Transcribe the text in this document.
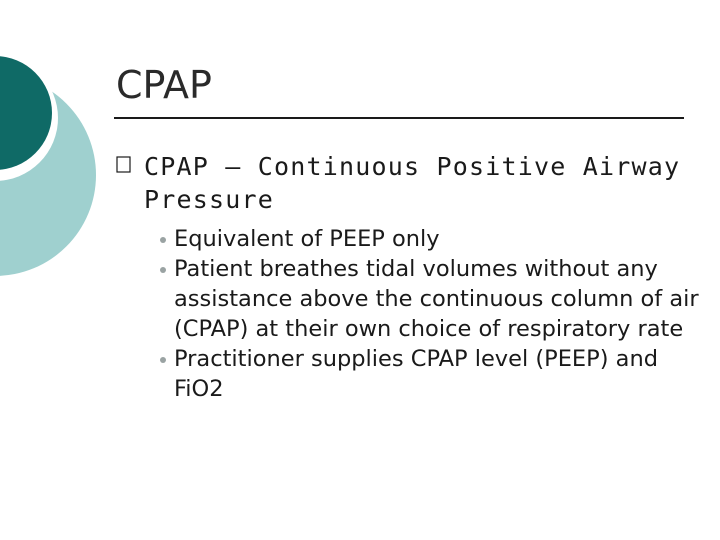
CPAP
CPAP – Continuous Positive Airway Pressure
Equivalent of PEEP only
Patient breathes tidal volumes without any assistance above the continuous column of air (CPAP) at their own choice of respiratory rate
Practitioner supplies CPAP level (PEEP) and FiO2
